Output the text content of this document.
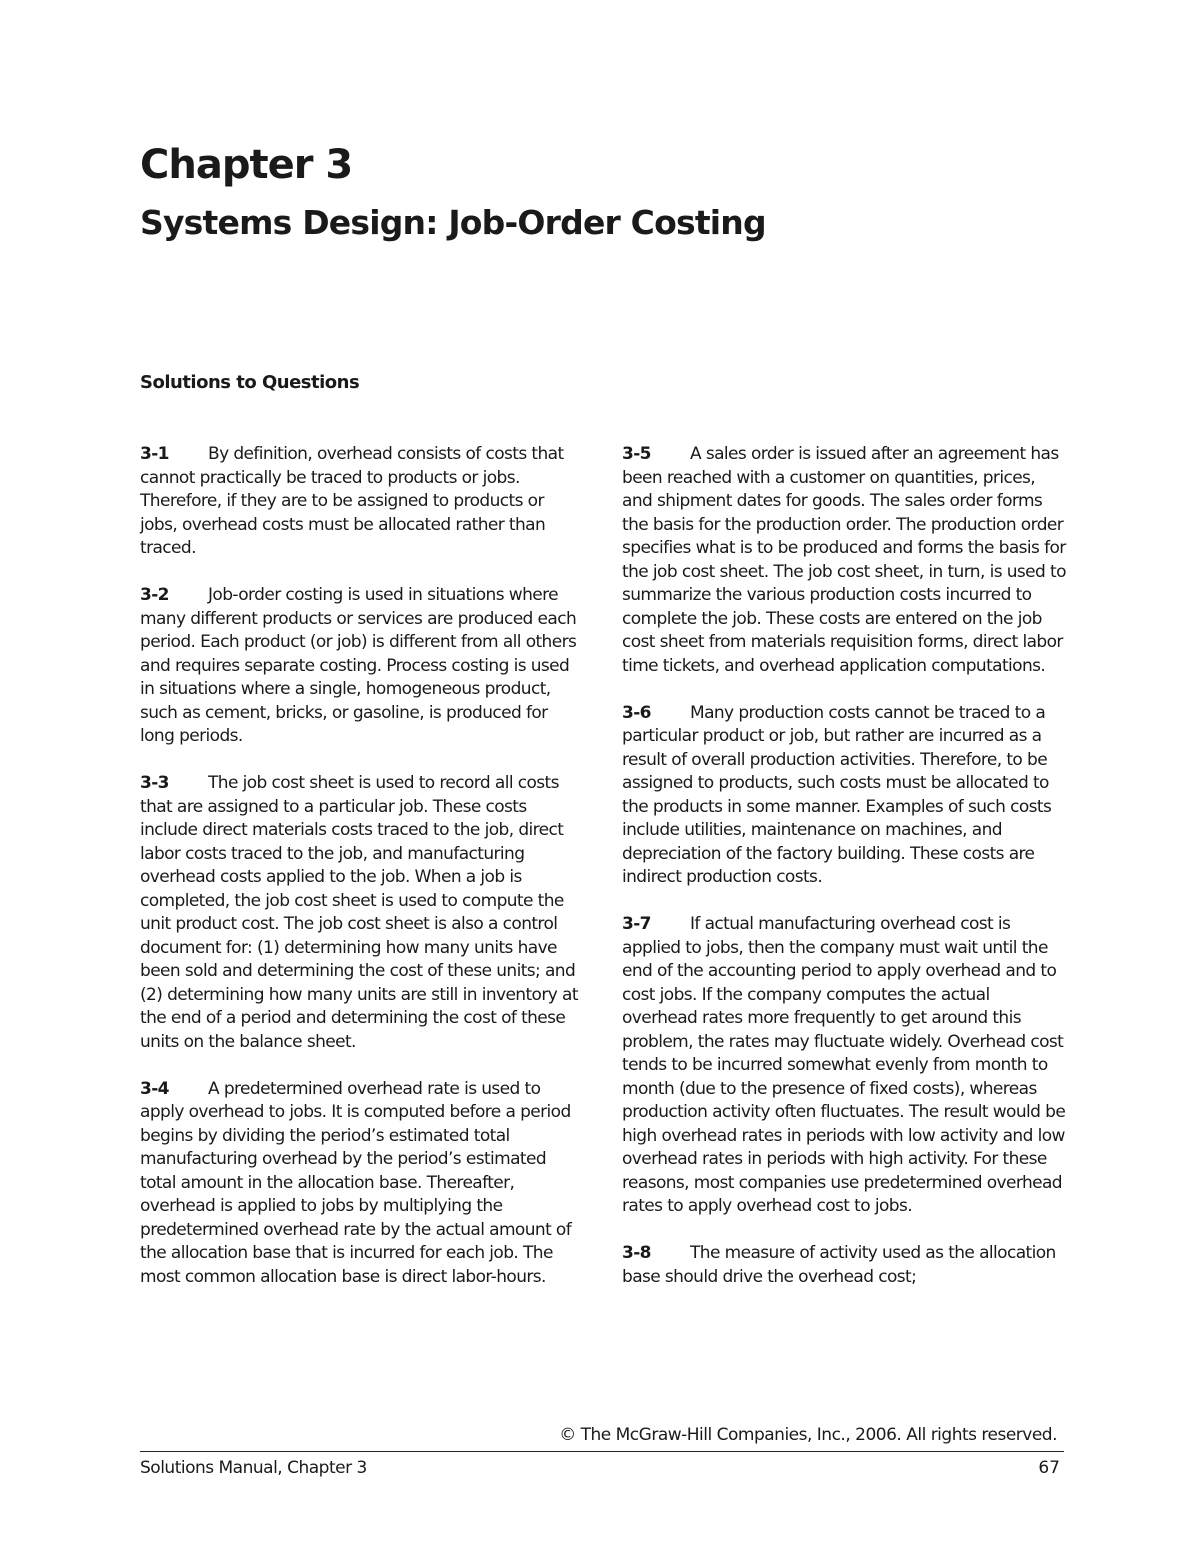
Chapter 3
Systems Design: Job-Order Costing
Solutions to Questions

3-1 By definition, overhead consists of costs that cannot practically be traced to products or jobs. Therefore, if they are to be assigned to products or jobs, overhead costs must be allocated rather than traced.

3-2 Job-order costing is used in situations where many different products or services are produced each period. Each product (or job) is different from all others and requires separate costing. Process costing is used in situations where a single, homogeneous product, such as cement, bricks, or gasoline, is produced for long periods.

3-3 The job cost sheet is used to record all costs that are assigned to a particular job. These costs include direct materials costs traced to the job, direct labor costs traced to the job, and manufacturing overhead costs applied to the job. When a job is completed, the job cost sheet is used to compute the unit product cost. The job cost sheet is also a control document for: (1) determining how many units have been sold and determining the cost of these units; and (2) determining how many units are still in inventory at the end of a period and determining the cost of these units on the balance sheet.

3-4 A predetermined overhead rate is used to apply overhead to jobs. It is computed before a period begins by dividing the period’s estimated total manufacturing overhead by the period’s estimated total amount in the allocation base. Thereafter, overhead is applied to jobs by multiplying the predetermined overhead rate by the actual amount of the allocation base that is incurred for each job. The most common allocation base is direct labor-hours.

3-5 A sales order is issued after an agreement has been reached with a customer on quantities, prices, and shipment dates for goods. The sales order forms the basis for the production order. The production order specifies what is to be produced and forms the basis for the job cost sheet. The job cost sheet, in turn, is used to summarize the various production costs incurred to complete the job. These costs are entered on the job cost sheet from materials requisition forms, direct labor time tickets, and overhead application computations.

3-6 Many production costs cannot be traced to a particular product or job, but rather are incurred as a result of overall production activities. Therefore, to be assigned to products, such costs must be allocated to the products in some manner. Examples of such costs include utilities, maintenance on machines, and depreciation of the factory building. These costs are indirect production costs.

3-7 If actual manufacturing overhead cost is applied to jobs, then the company must wait until the end of the accounting period to apply overhead and to cost jobs. If the company computes the actual overhead rates more frequently to get around this problem, the rates may fluctuate widely. Overhead cost tends to be incurred somewhat evenly from month to month (due to the presence of fixed costs), whereas production activity often fluctuates. The result would be high overhead rates in periods with low activity and low overhead rates in periods with high activity. For these reasons, most companies use predetermined overhead rates to apply overhead cost to jobs.

3-8 The measure of activity used as the allocation base should drive the overhead cost;

© The McGraw-Hill Companies, Inc., 2006. All rights reserved.
Solutions Manual, Chapter 3	67
